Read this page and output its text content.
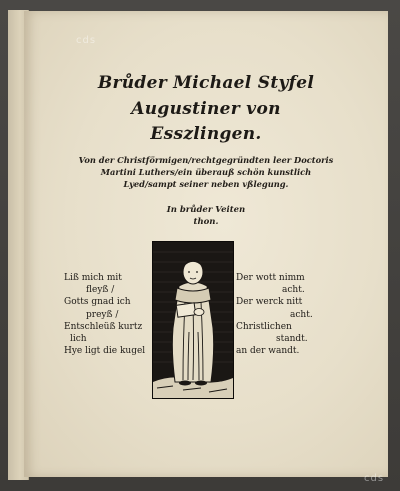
cds
cds
Brůder Michael Styfel
Augustiner von
Esszlingen.
Von der Christförmigen/rechtgegründten leer Doctoris
Martini Luthers/ein überauß schön kunstlich
Lyed/sampt seiner neben vßlegung.
In brůder Veiten
thon.
Liß mich mit
fleyß /
Gotts gnad ich
preyß /
Entschleüß kurtz
lich
Hye ligt die kugel
Der wott nimm
acht.
Der werck nitt
acht.
Christlichen
standt.
an der wandt.
